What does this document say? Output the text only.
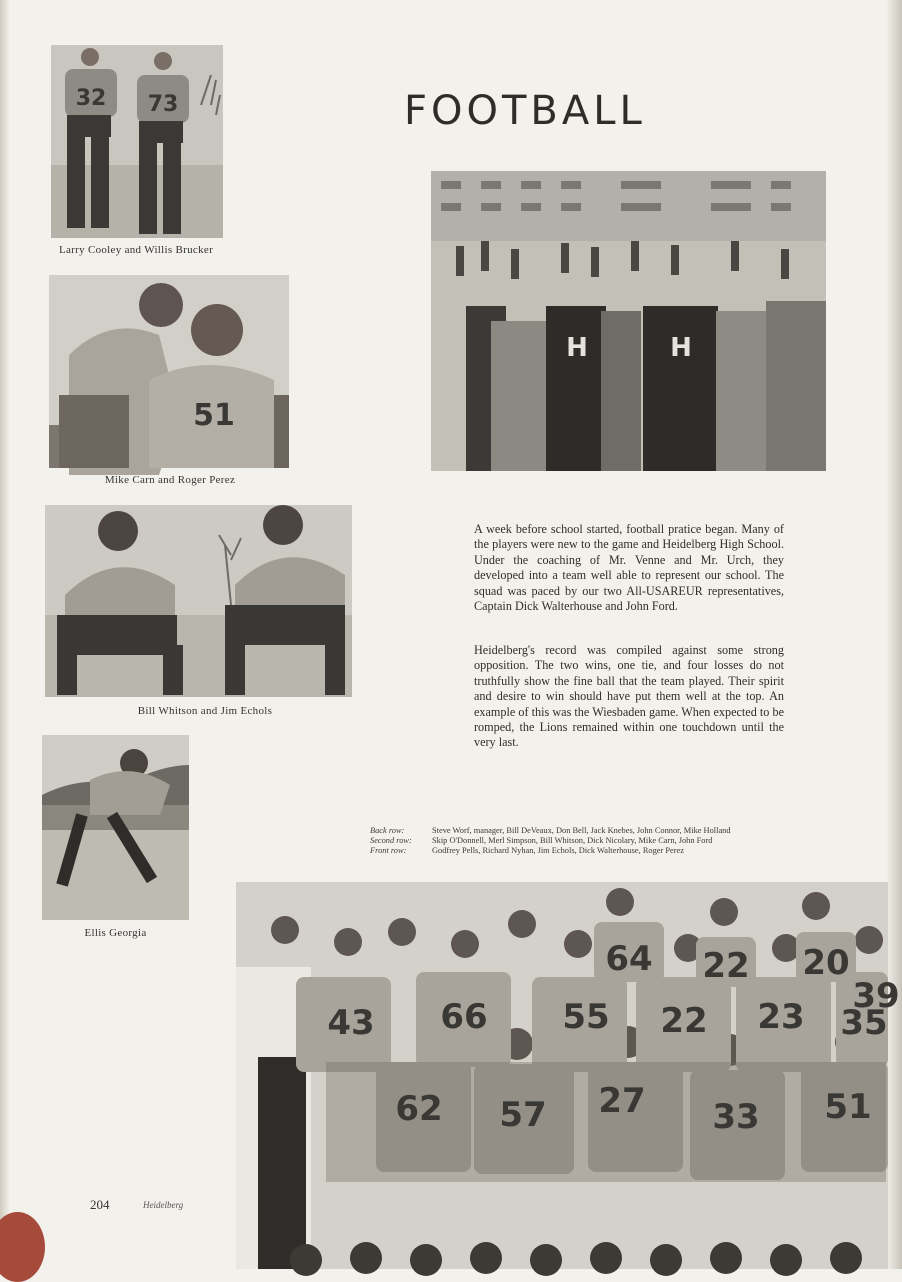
32 73
Larry Cooley and Willis Brucker
51
Mike Carn and Roger Perez
Bill Whitson and Jim Echols
Ellis Georgia
FOOTBALL
H	H

A week before school started, football pratice began. Many of the players were new to the game and Heidelberg High School. Under the coaching of Mr. Venne and Mr. Urch, they developed into a team well able to represent our school. The squad was paced by our two All-USAREUR representatives, Captain Dick Walterhouse and John Ford.

Heidelberg's record was compiled against some strong opposition. The two wins, one tie, and four losses do not truthfully show the fine ball that the team played. Their spirit and desire to win should have put them well at the top. An example of this was the Wiesbaden game. When expected to be romped, the Lions remained within one touchdown until the very last.

Back row:	Steve Worf, manager, Bill DeVeaux, Don Bell, Jack Knebes, John Connor, Mike Holland
Second row:	Skip O'Donnell, Merl Simpson, Bill Whitson, Dick Nicolary, Mike Carn, John Ford
Front row:	Godfrey Pells, Richard Nyhan, Jim Echols, Dick Walterhouse, Roger Perez
64 22 20
39
43 66 55 22 23 35
62 57 27 33 51
204	Heidelberg
